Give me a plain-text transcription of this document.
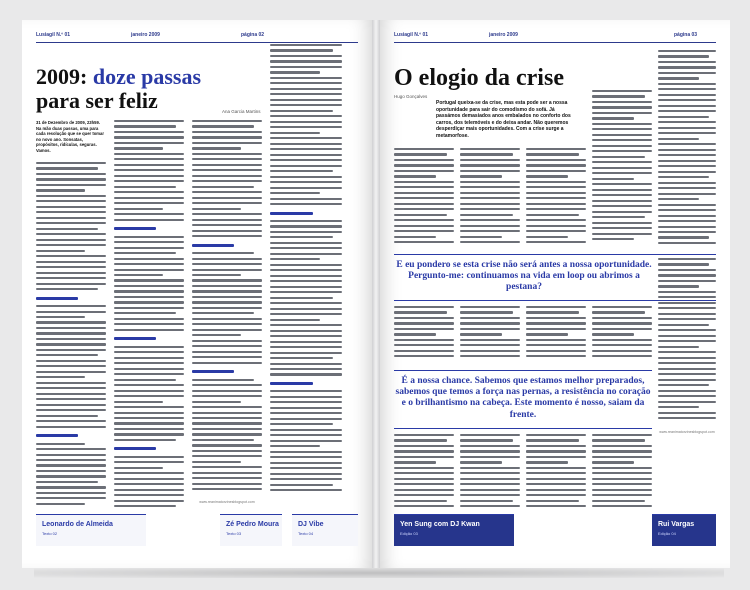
Lusiagil N.º 01	janeiro 2009	página 02
2009: doze passas
para ser feliz	Ana Garcia Martins
31 de Dezembro de 2009, 23h59. Na mão duas passas, uma para cada resolução que se quer tomar no novo ano. Sonsatas, propósitos, ridículas, seguras. Vamos.
www.reanimatorzinesblogspot.com
Leonardo de Almeida
Texto 02
Zé Pedro Moura
Texto 03
DJ Vibe
Texto 04
Lusiagil N.º 01	janeiro 2009	página 03
O elogio da crise
Hugo Gonçalves
Portugal queixa-se da crise, mas esta pode ser a nossa oportunidade para sair do comodismo do sofá. Já passámos demasiados anos embalados no conforto dos carros, dos telemóveis e do deixa andar. Não queremos desperdiçar mais oportunidades. Com a crise surge a metamorfose.
E eu pondero se esta crise não será antes a nossa oportunidade. Perguntо-me: continuamos na vida em loop ou abrimos a pestana?
É a nossa chance. Sabemos que estamos melhor preparados, sabemos que temos a força nas pernas, a resistência no coração e o brilhantismo na cabeça. Este momento é nosso, saiam da frente.
www.reanimatorzinesblogspot.com
Yen Sung com DJ Kwan
Edição 03
Rui Vargas
Edição 04
